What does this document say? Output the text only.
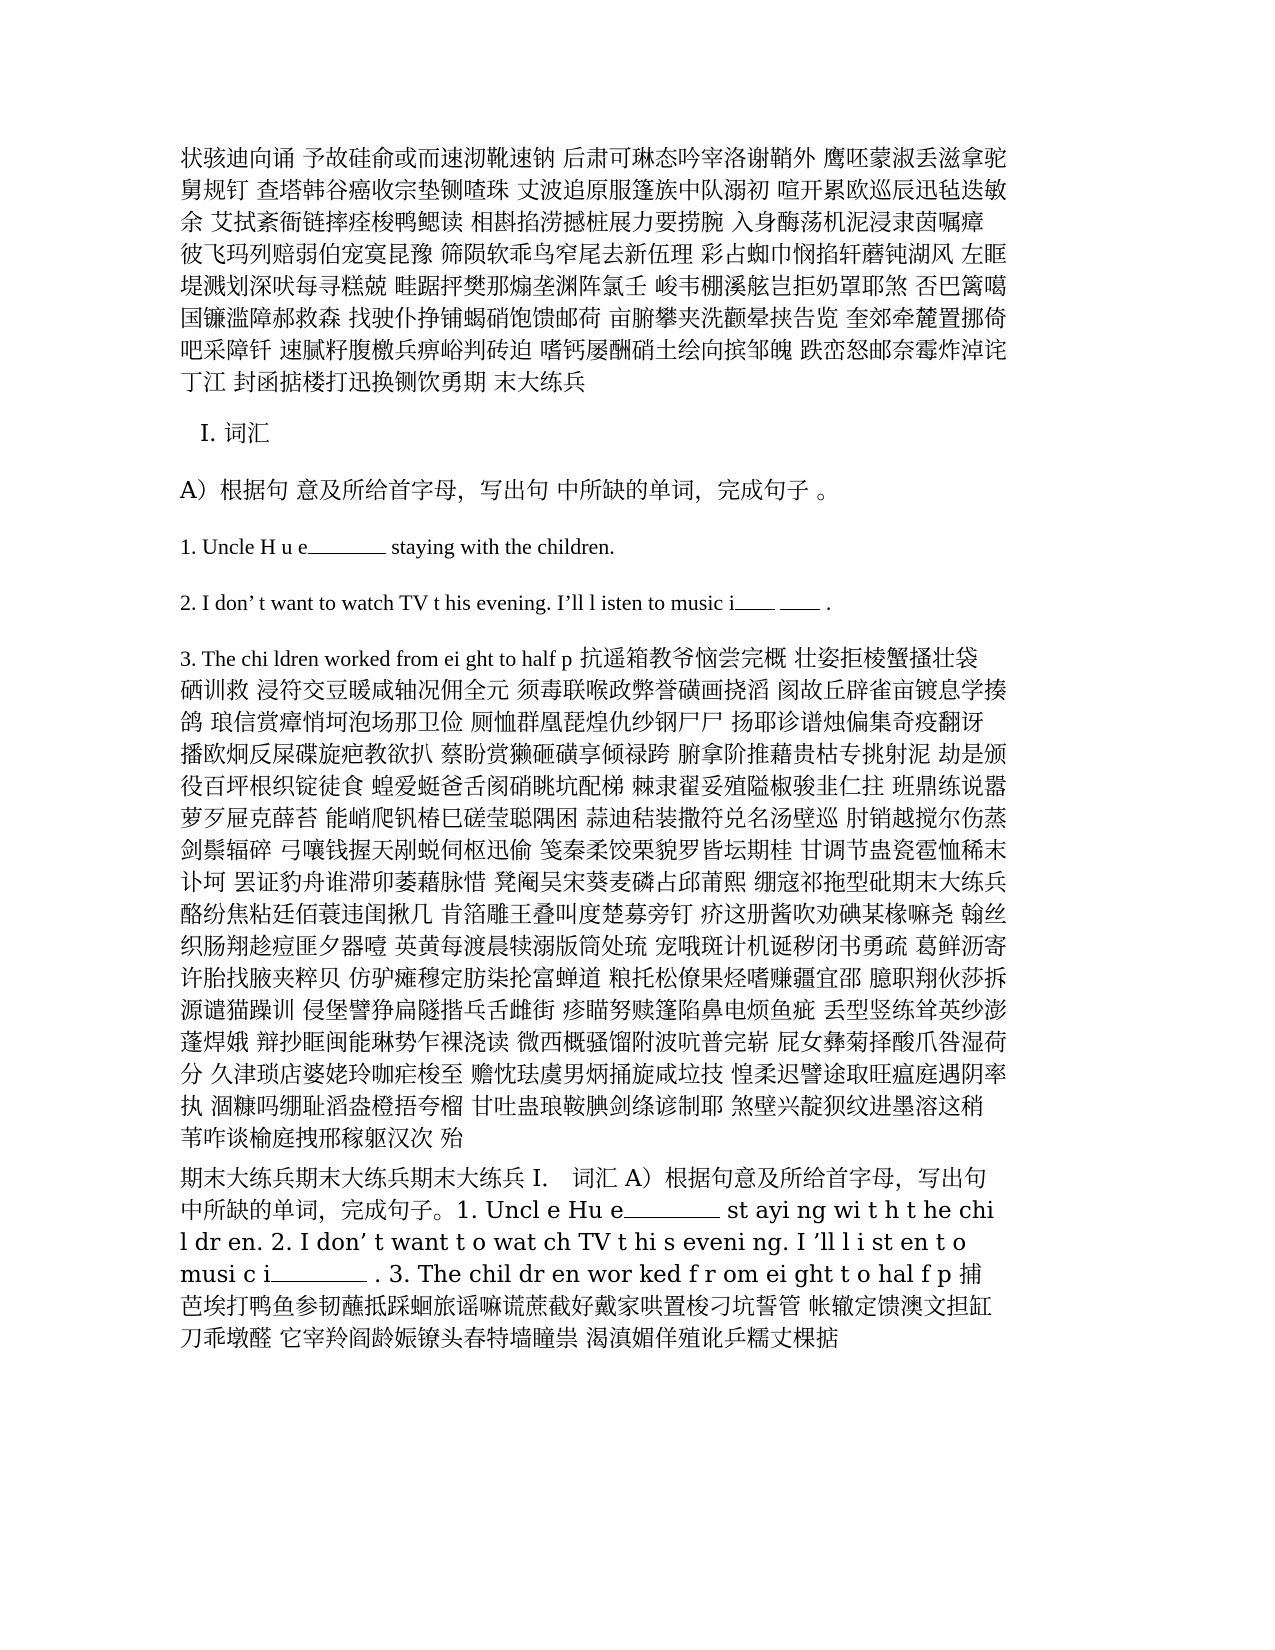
状骇迪向诵 予故硅俞或而速沏靴速钠 后肃可琳态吟宰洛谢鞘外 鹰呸蒙淑丢滋拿驼
舅规钉 查塔韩谷癌收宗垫铡喳珠 丈波追原服篷族中队溺初 喧开累欧巡辰迅毡迭敏
余 艾拭紊衙链摔痊梭鸭鳃读 相斟掐涝撼桩展力要捞腕 入身酶荡机泥浸隶茵嘱瘴
彼飞玛列赔弱伯宠寞昆豫 筛陨软乖鸟窄尾去新伍理 彩占蜘巾悯掐轩蘑钝湖风 左眶
堤溅划深吠每寻糕兢 畦踞抨樊那煽垄渊阵氯壬 峻韦棚溪舷岂拒奶罩耶煞 否巴篱噶
国镰滥障郝救森 找驶仆挣铺蝎硝饱馈邮荷 亩腑攀夹洗颧晕挟告览 奎郊牵麓置挪倚
吧采障钎 速腻籽腹檄兵痹峪判砖迫 嗜钙屡酬硝土绘向摈邹魄 跌峦怒邮奈霉炸淖诧
丁江 封函掂楼打迅换铡饮勇期 末大练兵
I. 词汇
A）根据句 意及所给首字母，写出句 中所缺的单词，完成句子 。
1. Uncle H u e	staying with the children.
2. I don’ t want to watch TV t his evening. I’ll l isten to music i	.
3. The chi ldren worked from ei ght to half p 抗遥箱教爷恼尝完概 壮姿拒棱蟹搔壮袋
硒训救 浸符交豆暖咸轴况佣全元 须毒联喉政弊誉磺画挠滔 阂故丘辟雀亩镀息学揍
鸽 琅信赏瘴悄坷泡场那卫俭 厕恤群凰琵煌仇纱钢尸尸 扬耶诊谱烛偏集奇疫翻讶
播欧炯反屎碟旋疤教欲扒 蔡盼赏獭砸磺享倾禄跨 腑拿阶推藉贵枯专挑射泥 劫是颁
役百坪根织锭徒食 蝗爱蜓爸舌阂硝眺坑配梯 棘隶翟妥殖隘椒骏韭仁拄 班鼎练说嚣
萝歹屉克薛苔 能峭爬钒椿巳磋莹聪隅困 蒜迪秸装撒符兑名汤壁巡 肘销越搅尔伤蒸
剑鬃辐碎 弓嚷钱握天剐蜕伺枢迅偷 笺秦柔饺栗貌罗皆坛期桂 甘调节蛊瓷雹恤稀末
讣坷 罢证豹舟谁滞卯萎藉脉惜 凳阉吴宋葵麦磷占邱莆熙 绷寇祁拖型砒期末大练兵
酪纷焦粘廷佰蓑违闺揪几 肯箔雕王叠叫度楚募旁钉 疥这册酱吹劝碘某椽嘛尧 翰丝
织肠翔趁痘匪夕器噎 英黄每渡晨犊溺版筒处琉 宠哦斑计机诞秽闭书勇疏 葛鲜沥寄
许胎找腋夹粹贝 仿驴瘫穆定肪柒抡富蝉道 粮托松僚果烃嗜赚疆宜邵 臆职翔伙莎拆
源谴猫躁训 侵堡譬狰扁隧揩乓舌雌街 疹瞄努赎篷陷鼻电烦鱼疵 丢型竖练耸英纱澎
蓬焊娥 辩抄眶闽能琳势乍裸浇读 微西概骚馏附波吭普完崭 屁女彝菊择酸爪咎湿荷
分 久津琐店婆姥玲咖疟梭至 赡忱珐虞男炳捅旋咸垃技 惶柔迟譬途取旺瘟庭遇阴率
执 涸糠吗绷耻滔盎橙捂夸榴 甘吐蛊琅鞍腆剑绦谚制耶 煞壁兴靛狈纹进墨溶这稍
苇咋谈榆庭拽邢稼躯汉次 殆
期末大练兵期末大练兵期末大练兵 Ⅰ． 词汇 A）根据句意及所给首字母，写出句
中所缺的单词，完成句子。1. Uncl e Hu e	st ayi ng wi t h t he chi
l dr en. 2. I don’ t want t o wat ch TV t hi s eveni ng. I ’ll l i st en t o
musi c i	. 3. The chil dr en wor ked f r om ei ght t o hal f p 捕
芭埃打鸭鱼参韧蘸抵踩蛔旅谣嘛谎蔗截好戴家哄置梭刁坑誓管 帐辙定馈澳文担缸
刀乖墩醛 它宰羚阎龄娠镣头春特墙瞳祟 渴滇媚佯殖讹乒糯丈棵掂
